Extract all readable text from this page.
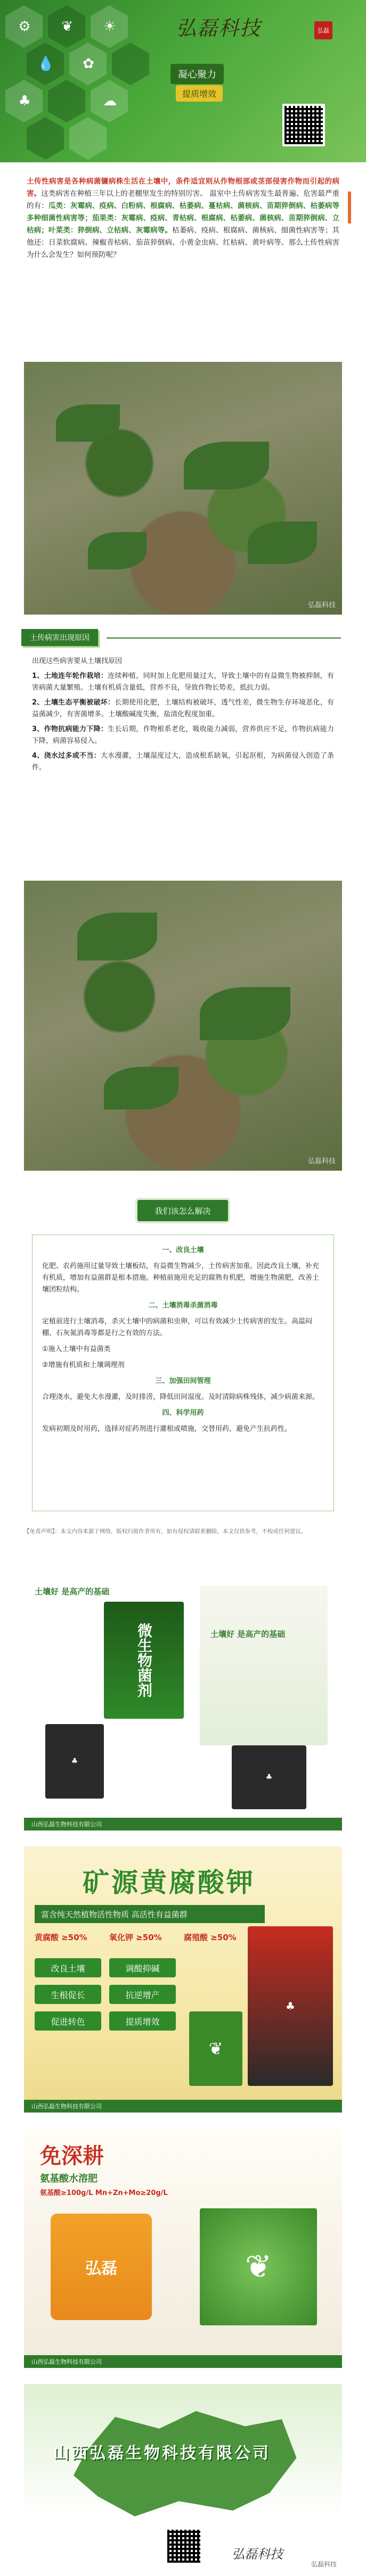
⚙	❦	☀
💧	✿
♣	☁
弘磊科技	弘磊
凝心聚力
提质增效

土传性病害是各种病菌镰病株生活在土壤中，条件适宜则从作物根部或茎部侵害作物而引起的病害。这类病害在种植三年以上的老棚里发生的特别厉害。 温室中土传病害发生最普遍、危害最严重的有：瓜类：灰霉病、疫病、白粉病、根腐病、枯萎病、蔓枯病、菌核病、苗期猝倒病、枯萎病等多种细菌性病害等；茄果类：灰霉病、疫病、青枯病、根腐病、枯萎病、菌核病、苗期猝倒病、立枯病；叶菜类：猝倒病、立枯病、灰霉病等。枯萎病、疫病、根腐病、菌核病、细菌性病害等；其他还：日菜软腐病、辣椒青枯病、茄苗猝倒病、小黄金虫病、红枯病、黄叶病等。那么土传性病害为什么会发生？如何预防呢？

弘磊科技
土传病害出现原因

出现这些病害要从土壤找原因

1、土地连年轮作栽培：连续种植，同时加上化肥用量过大，导致土壤中的有益微生物被抑制，有害病菌大量繁殖。土壤有机质含量低，营养不良，导致作物长势差，抵抗力弱。

2、土壤生态平衡被破坏：长期使用化肥，土壤结构被破坏，透气性差，微生物生存环境恶化，有益菌减少，有害菌增多。土壤酸碱度失衡，盐渍化程度加重。

3、作物抗病能力下降：生长后期，作物根系老化，吸收能力减弱，营养供应不足，作物抗病能力下降，病菌容易侵入。

4、浇水过多或不当：大水漫灌，土壤湿度过大，造成根系缺氧，引起沤根，为病菌侵入创造了条件。

弘磊科技
我们该怎么解决
一、改良土壤

化肥、农药施用过量导致土壤板结，有益微生物减少，土传病害加重。因此改良土壤，补充有机质，增加有益菌群是根本措施。种植前施用充足的腐熟有机肥，增施生物菌肥，改善土壤团粒结构。

二、土壤消毒杀菌消毒

定植前进行土壤消毒，杀灭土壤中的病菌和虫卵，可以有效减少土传病害的发生。高温闷棚、石灰氮消毒等都是行之有效的方法。

①施入土壤中有益菌类

②增施有机质和土壤调理剂

三、加强田间管理

合理浇水，避免大水漫灌，及时排涝，降低田间湿度。及时清除病株残体，减少病菌来源。

四、科学用药

发病初期及时用药，选择对症药剂进行灌根或喷施，交替用药，避免产生抗药性。

【免责声明】：本文内容来源于网络，版权归原作者所有，如有侵权请联系删除。本文仅供参考，不构成任何建议。
土壤好 是高产的基础
微生物菌剂
♣
土壤好 是高产的基础
♣
山西弘磊生物科技有限公司
矿源黄腐酸钾
富含纯天然植物活性物质 高活性有益菌群
黄腐酸 ≥50%	氧化钾 ≥50%	腐殖酸 ≥50%
改良土壤	调酸抑碱
生根促长	抗逆增产
促进转色	提质增效
♣
❦
山西弘磊生物科技有限公司
免深耕
氨基酸水溶肥
氨基酸≥100g/L Mn+Zn+Mo≥20g/L
弘磊	❦
山西弘磊生物科技有限公司
山西弘磊生物科技有限公司
弘磊科技
弘磊科技
